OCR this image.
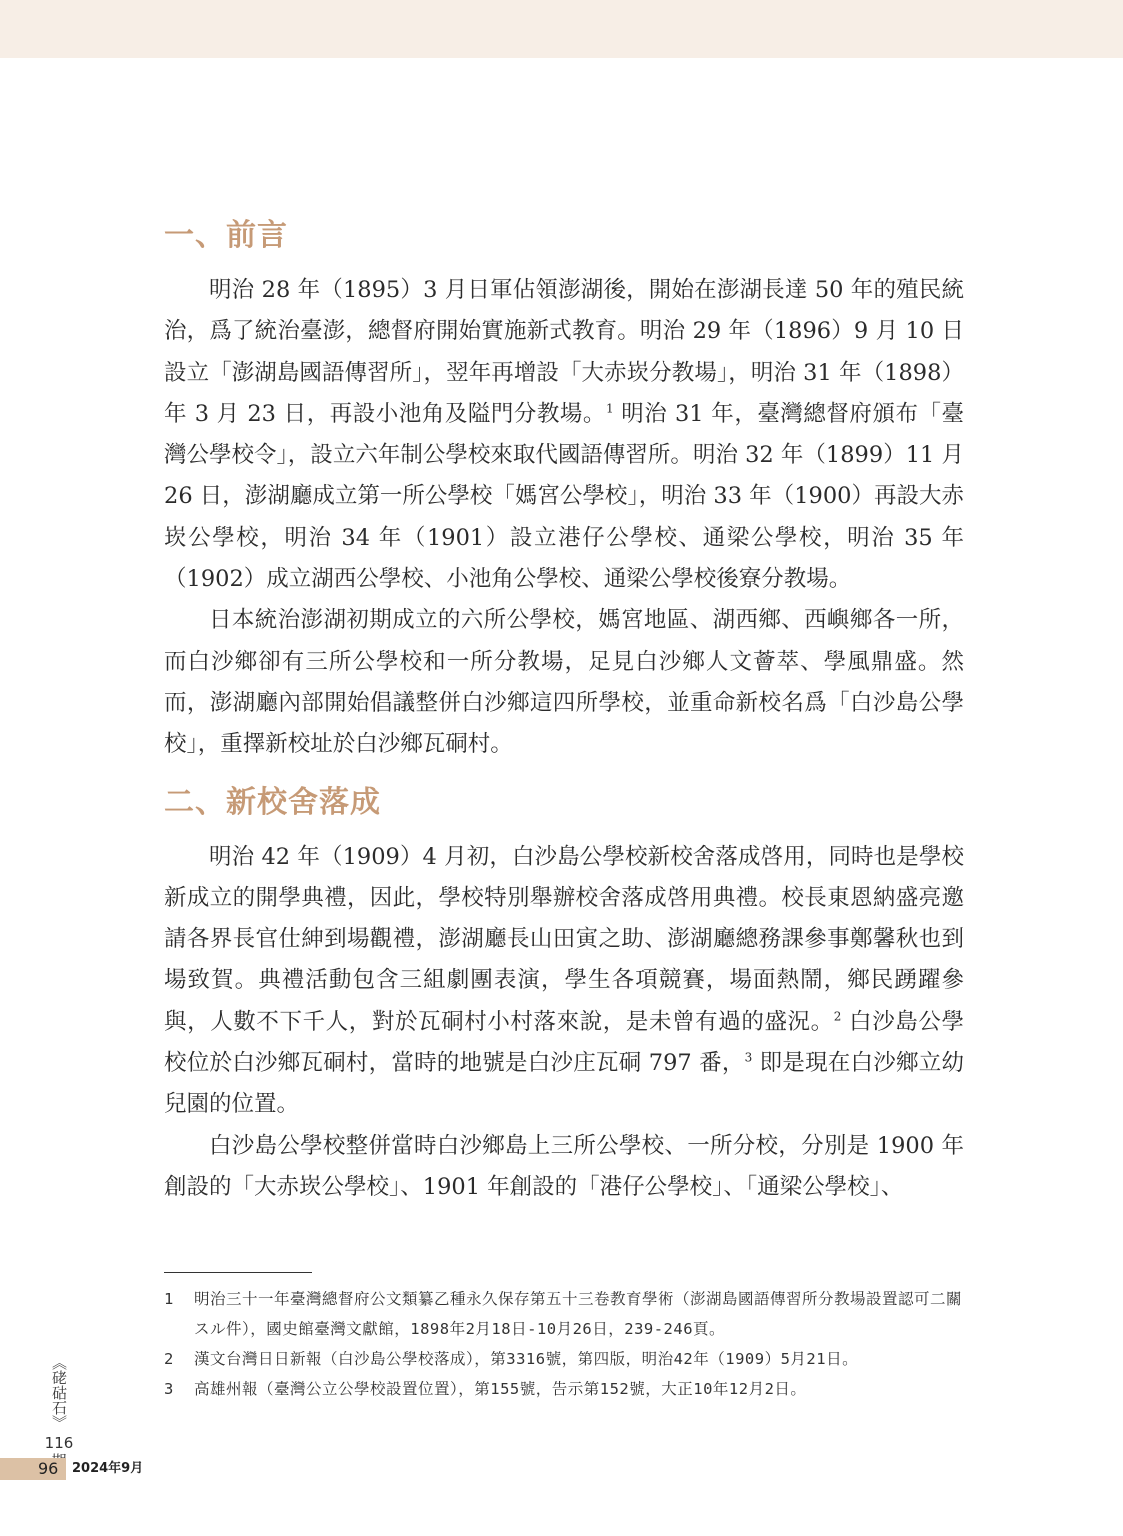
一、前言

明治 28 年（1895）3 月日軍佔領澎湖後，開始在澎湖長達 50 年的殖民統治，爲了統治臺澎，總督府開始實施新式教育。明治 29 年（1896）9 月 10 日設立「澎湖島國語傳習所」，翌年再增設「大赤崁分教場」，明治 31 年（1898）年 3 月 23 日，再設小池角及隘門分教場。$^1$ 明治 31 年，臺灣總督府頒布「臺灣公學校令」，設立六年制公學校來取代國語傳習所。明治 32 年（1899）11 月 26 日，澎湖廳成立第一所公學校「媽宮公學校」，明治 33 年（1900）再設大赤崁公學校，明治 34 年（1901）設立港仔公學校、通梁公學校，明治 35 年（1902）成立湖西公學校、小池角公學校、通梁公學校後寮分教場。

日本統治澎湖初期成立的六所公學校，媽宮地區、湖西鄉、西嶼鄉各一所，而白沙鄉卻有三所公學校和一所分教場，足見白沙鄉人文薈萃、學風鼎盛。然而，澎湖廳內部開始倡議整併白沙鄉這四所學校，並重命新校名爲「白沙島公學校」，重擇新校址於白沙鄉瓦硐村。

二、新校舍落成

明治 42 年（1909）4 月初，白沙島公學校新校舍落成啓用，同時也是學校新成立的開學典禮，因此，學校特別舉辦校舍落成啓用典禮。校長東恩納盛亮邀請各界長官仕紳到場觀禮，澎湖廳長山田寅之助、澎湖廳總務課參事鄭馨秋也到場致賀。典禮活動包含三組劇團表演，學生各項競賽，場面熱鬧，鄉民踴躍參與，人數不下千人，對於瓦硐村小村落來說，是未曾有過的盛況。$^2$ 白沙島公學校位於白沙鄉瓦硐村，當時的地號是白沙庄瓦硐 797 番，$^3$ 即是現在白沙鄉立幼兒園的位置。

白沙島公學校整併當時白沙鄉島上三所公學校、一所分校，分別是 1900 年創設的「大赤崁公學校」、1901 年創設的「港仔公學校」、「通梁公學校」、

1 明治三十一年臺灣總督府公文類纂乙種永久保存第五十三卷教育學術（澎湖島國語傳習所分教場設置認可二關スル件），國史館臺灣文獻館，1898年2月18日-10月26日，239-246頁。
2 漢文台灣日日新報（白沙島公學校落成），第3316號，第四版，明治42年（1909）5月21日。
3 高雄州報（臺灣公立公學校設置位置），第155號，告示第152號，大正10年12月2日。
《硓𥑮石》
116

96 2024年9月
